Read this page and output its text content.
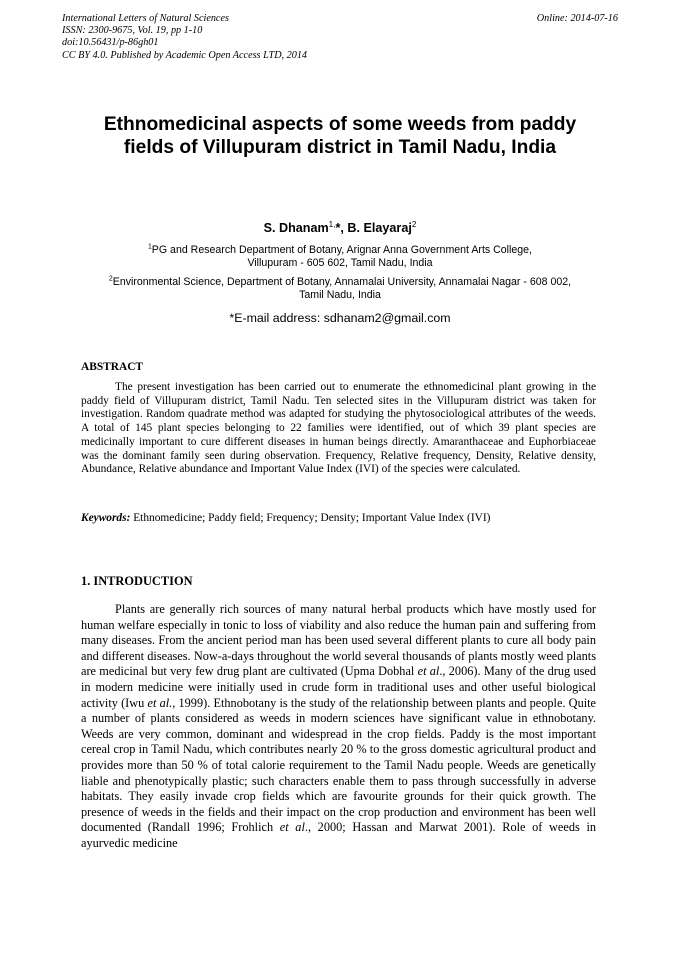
International Letters of Natural Sciences
ISSN: 2300-9675, Vol. 19, pp 1-10
doi:10.56431/p-86gh01
CC BY 4.0. Published by Academic Open Access LTD, 2014
Online: 2014-07-16
Ethnomedicinal aspects of some weeds from paddy
fields of Villupuram district in Tamil Nadu, India
S. Dhanam$^{1,}$*, B. Elayaraj$^2$
$^1$PG and Research Department of Botany, Arignar Anna Government Arts College,
Villupuram - 605 602, Tamil Nadu, India
$^2$Environmental Science, Department of Botany, Annamalai University, Annamalai Nagar - 608 002,
Tamil Nadu, India
*E-mail address: sdhanam2@gmail.com
ABSTRACT

The present investigation has been carried out to enumerate the ethnomedicinal plant growing in the paddy field of Villupuram district, Tamil Nadu. Ten selected sites in the Villupuram district was taken for investigation. Random quadrate method was adapted for studying the phytosociological attributes of the weeds. A total of 145 plant species belonging to 22 families were identified, out of which 39 plant species are medicinally important to cure different diseases in human beings directly. Amaranthaceae and Euphorbiaceae was the dominant family seen during observation. Frequency, Relative frequency, Density, Relative density, Abundance, Relative abundance and Important Value Index (IVI) of the species were calculated.

Keywords: Ethnomedicine; Paddy field; Frequency; Density; Important Value Index (IVI)
1. INTRODUCTION

Plants are generally rich sources of many natural herbal products which have mostly used for human welfare especially in tonic to loss of viability and also reduce the human pain and suffering from many diseases. From the ancient period man has been used several different plants to cure all body pain and different diseases. Now-a-days throughout the world several thousands of plants mostly weed plants are medicinal but very few drug plant are cultivated (Upma Dobhal et al., 2006). Many of the drug used in modern medicine were initially used in crude form in traditional uses and other useful biological activity (Iwu et al., 1999). Ethnobotany is the study of the relationship between plants and people. Quite a number of plants considered as weeds in modern sciences have significant value in ethnobotany. Weeds are very common, dominant and widespread in the crop fields. Paddy is the most important cereal crop in Tamil Nadu, which contributes nearly 20 % to the gross domestic agricultural product and provides more than 50 % of total calorie requirement to the Tamil Nadu people. Weeds are genetically liable and phenotypically plastic; such characters enable them to pass through successfully in adverse habitats. They easily invade crop fields which are favourite grounds for their quick growth. The presence of weeds in the fields and their impact on the crop production and environment has been well documented (Randall 1996; Frohlich et al., 2000; Hassan and Marwat 2001). Role of weeds in ayurvedic medicine
